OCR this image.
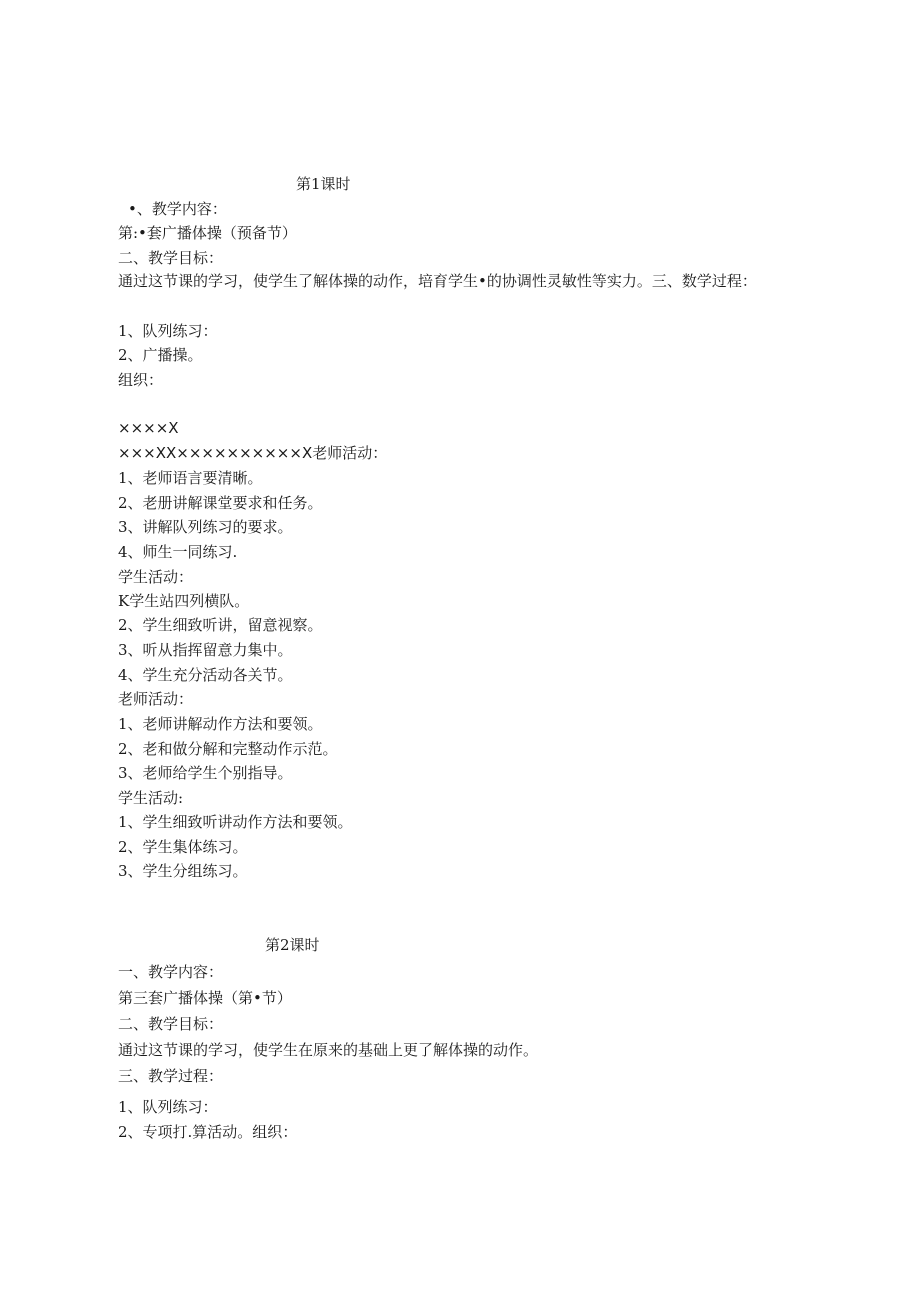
第1课时
•、教学内容：
第:•套广播体操（预备节）
二、教学目标：
通过这节课的学习，使学生了解体操的动作，培育学生•的协调性灵敏性等实力。三、数学过程：
1、队列练习：
2、广播操。
组织：
××××X
×××XX××××××××××X老师活动：
1、老师语言要清晰。
2、老册讲解课堂要求和任务。
3、讲解队列练习的要求。
4、师生一同练习.
学生活动：
K学生站四列横队。
2、学生细致听讲，留意视察。
3、听从指挥留意力集中。
4、学生充分活动各关节。
老师活动：
1、老师讲解动作方法和要领。
2、老和做分解和完整动作示范。
3、老师给学生个别指导。
学生活动:
1、学生细致听讲动作方法和要领。
2、学生集体练习。
3、学生分组练习。
第2课时
一、教学内容：
第三套广播体操（第•节）
二、教学目标：
通过这节课的学习，使学生在原来的基础上更了解体操的动作。
三、教学过程：
1、队列练习：
2、专项打.算活动。组织：
